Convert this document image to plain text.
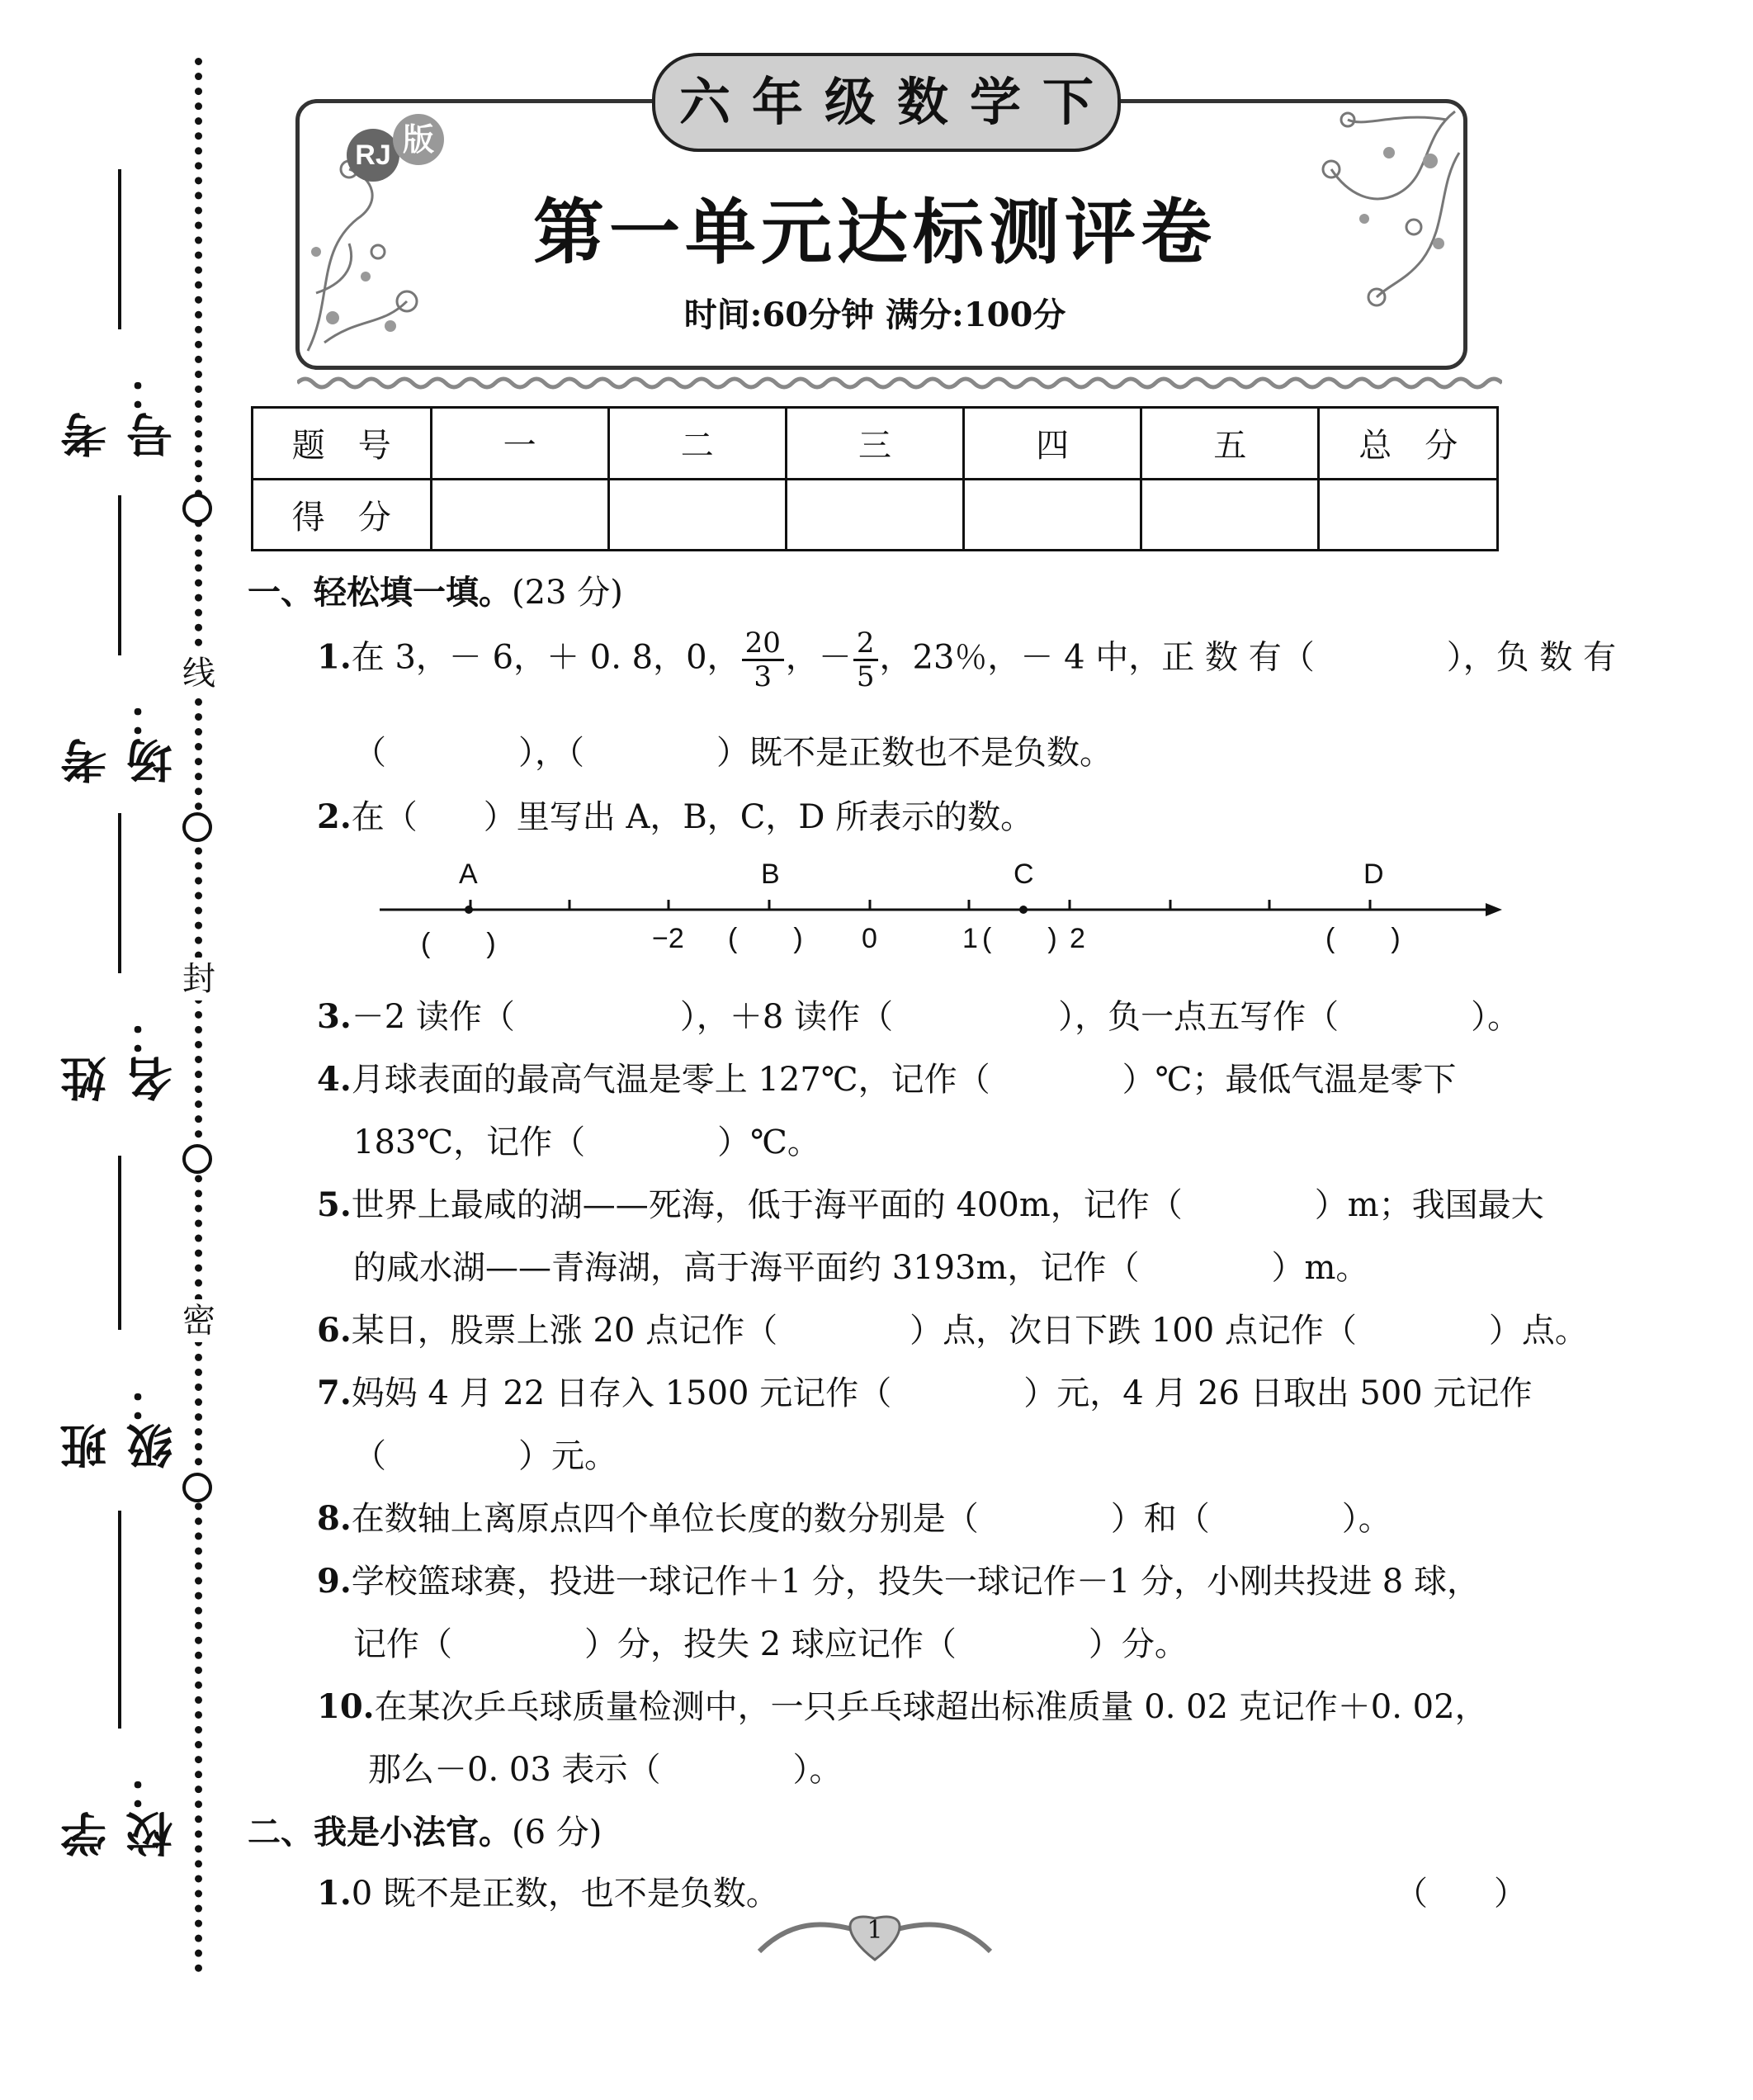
线
封
密
考号：
考场：
姓名：
班级：
学校：
六 年 级 数 学 下
RJ 版
第一单元达标测评卷
时间:60分钟 满分:100分
题　号	一	二	三	四	五	总　分
得　分						
一、轻松填一填。(23 分)
1.在 3，－ 6，＋ 0. 8，0， $\frac{20}{3}$ ，－ $\frac{2}{5}$ ，23％，－ 4 中，正 数 有（　　　　），负 数 有
（　　　　），（　　　　）既不是正数也不是负数。
2.在（　　）里写出 A，B，C，D 所表示的数。
A	B	C	D
−2	0	1	2
(　　)	(　　)	(　　)	(　　)
3.－2 读作（　　　　　），＋8 读作（　　　　　），负一点五写作（　　　　）。
4.月球表面的最高气温是零上 127℃，记作（　　　　）℃；最低气温是零下
183℃，记作（　　　　）℃。
5.世界上最咸的湖——死海，低于海平面的 400m，记作（　　　　）m；我国最大
的咸水湖——青海湖，高于海平面约 3193m，记作（　　　　）m。
6.某日，股票上涨 20 点记作（　　　　）点，次日下跌 100 点记作（　　　　）点。
7.妈妈 4 月 22 日存入 1500 元记作（　　　　）元，4 月 26 日取出 500 元记作
（　　　　）元。
8.在数轴上离原点四个单位长度的数分别是（　　　　）和（　　　　）。
9.学校篮球赛，投进一球记作＋1 分，投失一球记作－1 分，小刚共投进 8 球，
记作（　　　　）分，投失 2 球应记作（　　　　）分。
10.在某次乒乓球质量检测中，一只乒乓球超出标准质量 0. 02 克记作＋0. 02，
那么－0. 03 表示（　　　　）。
二、我是小法官。(6 分)
1.0 既不是正数，也不是负数。	（　　）
1
